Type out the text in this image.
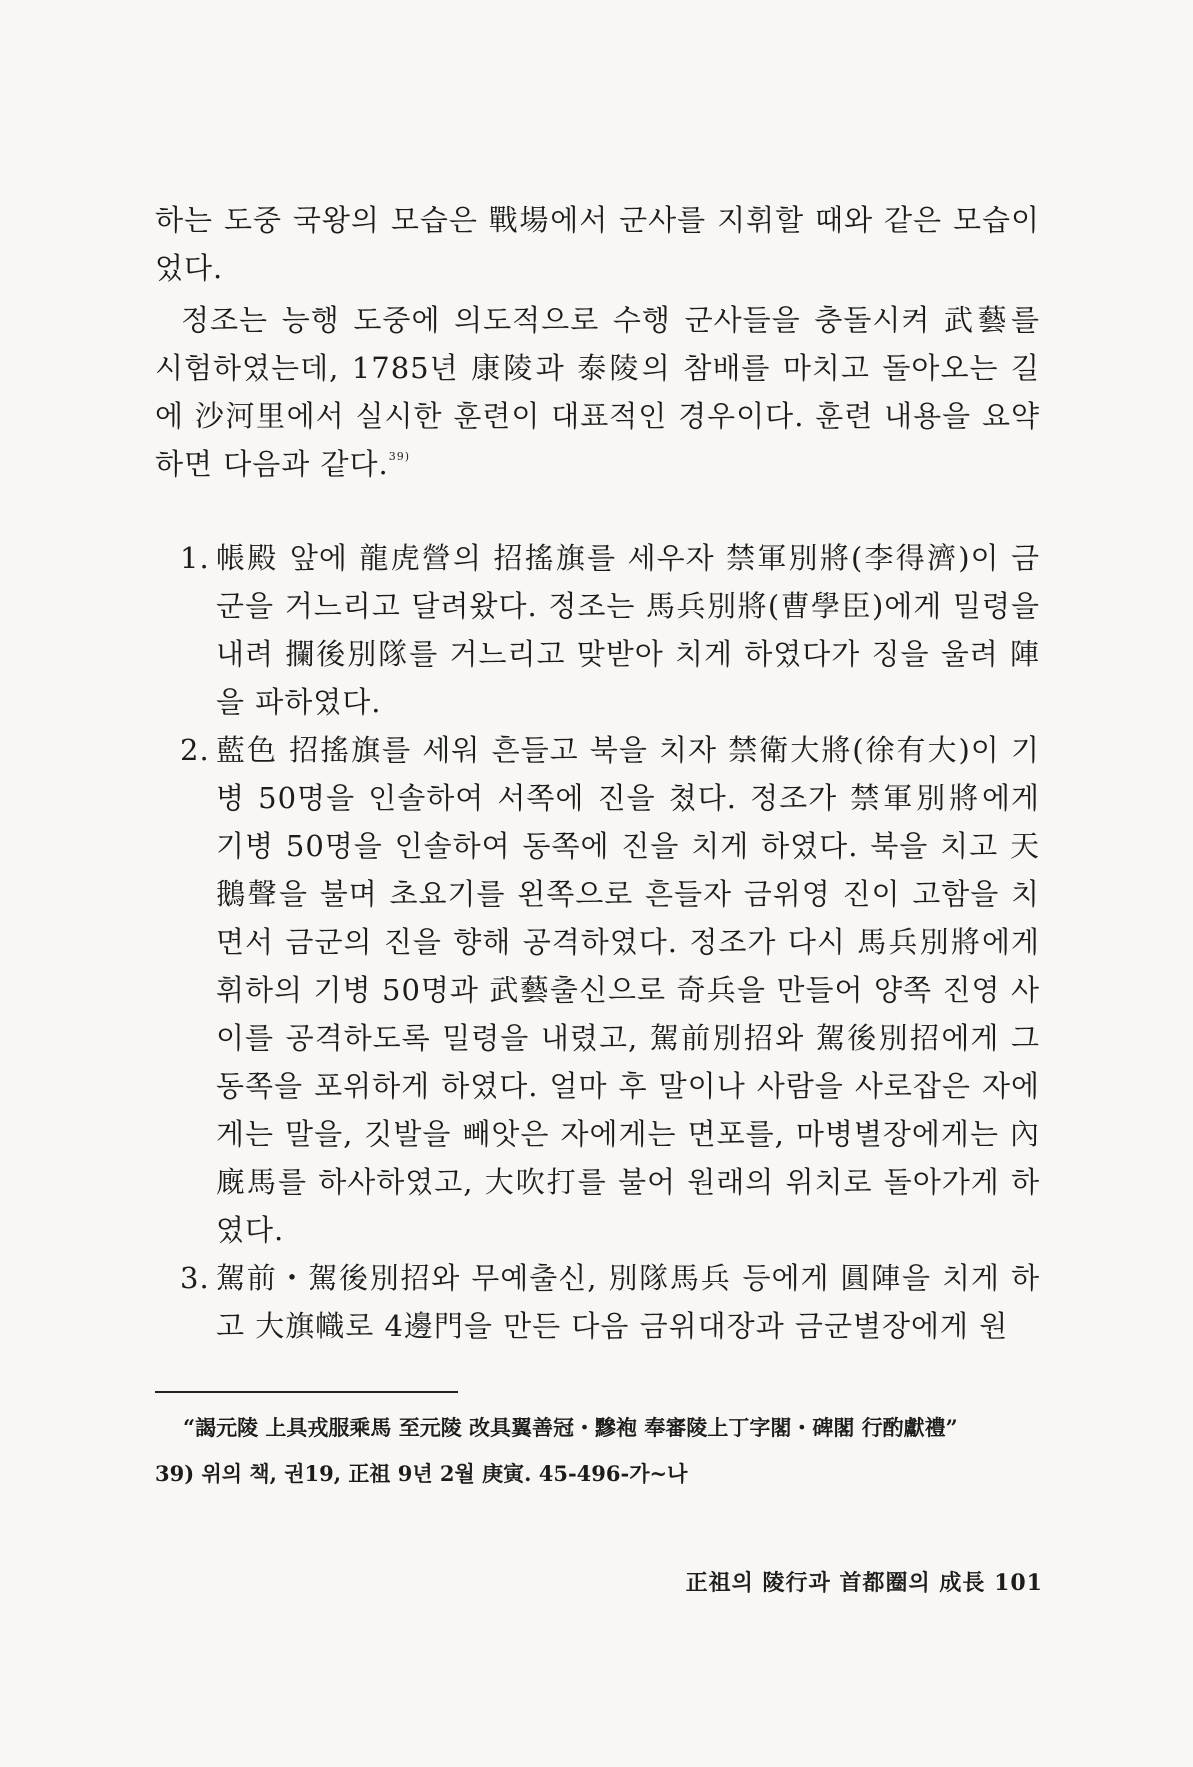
하는 도중 국왕의 모습은 戰場에서 군사를 지휘할 때와 같은 모습이었다.

정조는 능행 도중에 의도적으로 수행 군사들을 충돌시켜 武藝를 시험하였는데, 1785년 康陵과 泰陵의 참배를 마치고 돌아오는 길에 沙河里에서 실시한 훈련이 대표적인 경우이다. 훈련 내용을 요약하면 다음과 같다.$^{39)}$

1. 帳殿 앞에 龍虎營의 招搖旗를 세우자 禁軍別將(李得濟)이 금군을 거느리고 달려왔다. 정조는 馬兵別將(曹學臣)에게 밀령을 내려 攔後別隊를 거느리고 맞받아 치게 하였다가 징을 울려 陣을 파하였다.
2. 藍色 招搖旗를 세워 흔들고 북을 치자 禁衛大將(徐有大)이 기병 50명을 인솔하여 서쪽에 진을 쳤다. 정조가 禁軍別將에게 기병 50명을 인솔하여 동쪽에 진을 치게 하였다. 북을 치고 天鵝聲을 불며 초요기를 왼쪽으로 흔들자 금위영 진이 고함을 치면서 금군의 진을 향해 공격하였다. 정조가 다시 馬兵別將에게 휘하의 기병 50명과 武藝출신으로 奇兵을 만들어 양쪽 진영 사이를 공격하도록 밀령을 내렸고, 駕前別招와 駕後別招에게 그 동쪽을 포위하게 하였다. 얼마 후 말이나 사람을 사로잡은 자에게는 말을, 깃발을 빼앗은 자에게는 면포를, 마병별장에게는 內廐馬를 하사하였고, 大吹打를 불어 원래의 위치로 돌아가게 하였다.
3. 駕前・駕後別招와 무예출신, 別隊馬兵 등에게 圓陣을 치게 하고 大旗幟로 4邊門을 만든 다음 금위대장과 금군별장에게 원

“謁元陵 上具戎服乘馬 至元陵 改具翼善冠・黲袍 奉審陵上丁字閣・碑閣 行酌獻禮”

39) 위의 책, 권19, 正祖 9년 2월 庚寅. 45-496-가~나

正祖의 陵行과 首都圈의 成長 101
